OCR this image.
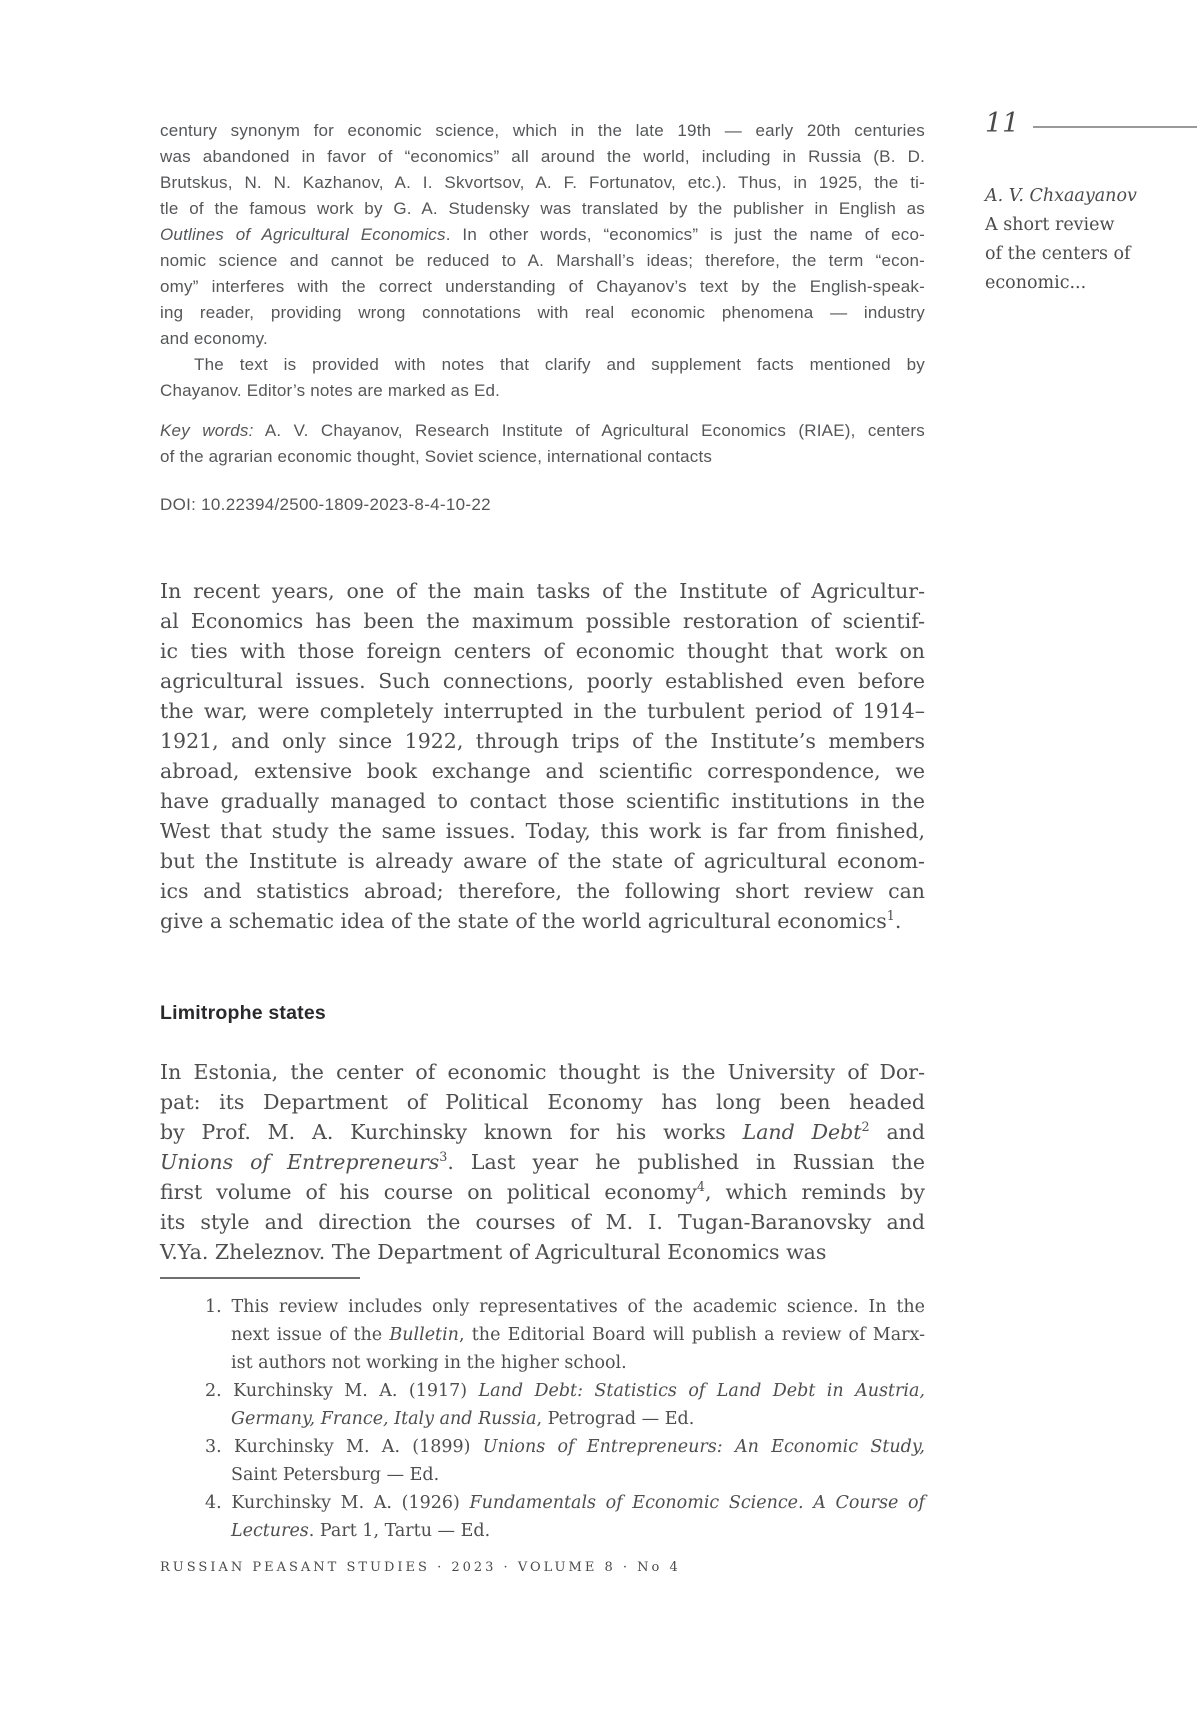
century synonym for economic science, which in the late 19th — early 20th centuries
was abandoned in favor of “economics” all around the world, including in Russia (B. D.
Brutskus, N. N. Kazhanov, A. I. Skvortsov, A. F. Fortunatov, etc.). Thus, in 1925, the ti-
tle of the famous work by G. A. Studensky was translated by the publisher in English as
Outlines of Agricultural Economics. In other words, “economics” is just the name of eco-
nomic science and cannot be reduced to A. Marshall’s ideas; therefore, the term “econ-
omy” interferes with the correct understanding of Chayanov’s text by the English-speak-
ing reader, providing wrong connotations with real economic phenomena — industry
and economy.
The text is provided with notes that clarify and supplement facts mentioned by
Chayanov. Editor’s notes are marked as Ed.
Key words: A. V. Chayanov, Research Institute of Agricultural Economics (RIAE), centers
of the agrarian economic thought, Soviet science, international contacts
DOI: 10.22394/2500-1809-2023-8-4-10-22
In recent years, one of the main tasks of the Institute of Agricultur-
al Economics has been the maximum possible restoration of scientif-
ic ties with those foreign centers of economic thought that work on
agricultural issues. Such connections, poorly established even before
the war, were completely interrupted in the turbulent period of 1914–
1921, and only since 1922, through trips of the Institute’s members
abroad, extensive book exchange and scientific correspondence, we
have gradually managed to contact those scientific institutions in the
West that study the same issues. Today, this work is far from finished,
but the Institute is already aware of the state of agricultural econom-
ics and statistics abroad; therefore, the following short review can
give a schematic idea of the state of the world agricultural economics$^1$.
Limitrophe states
In Estonia, the center of economic thought is the University of Dor-
pat: its Department of Political Economy has long been headed
by Prof. M. A. Kurchinsky known for his works Land Debt$^2$ and
Unions of Entrepreneurs$^3$. Last year he published in Russian the
first volume of his course on political economy$^4$, which reminds by
its style and direction the courses of M. I. Tugan-Baranovsky and
V.Ya. Zheleznov. The Department of Agricultural Economics was
1. This review includes only representatives of the academic science. In the
next issue of the Bulletin, the Editorial Board will publish a review of Marx-
ist authors not working in the higher school.
2. Kurchinsky M. A. (1917) Land Debt: Statistics of Land Debt in Austria,
Germany, France, Italy and Russia, Petrograd — Ed.
3. Kurchinsky M. A. (1899) Unions of Entrepreneurs: An Economic Study,
Saint Petersburg — Ed.
4. Kurchinsky M. A. (1926) Fundamentals of Economic Science. A Course of
Lectures. Part 1, Tartu — Ed.
11
A. V. Chxaayanov
A short review
of the centers of
economic...
RUSSIAN PEASANT STUDIES · 2023 · VOLUME 8 · No 4
